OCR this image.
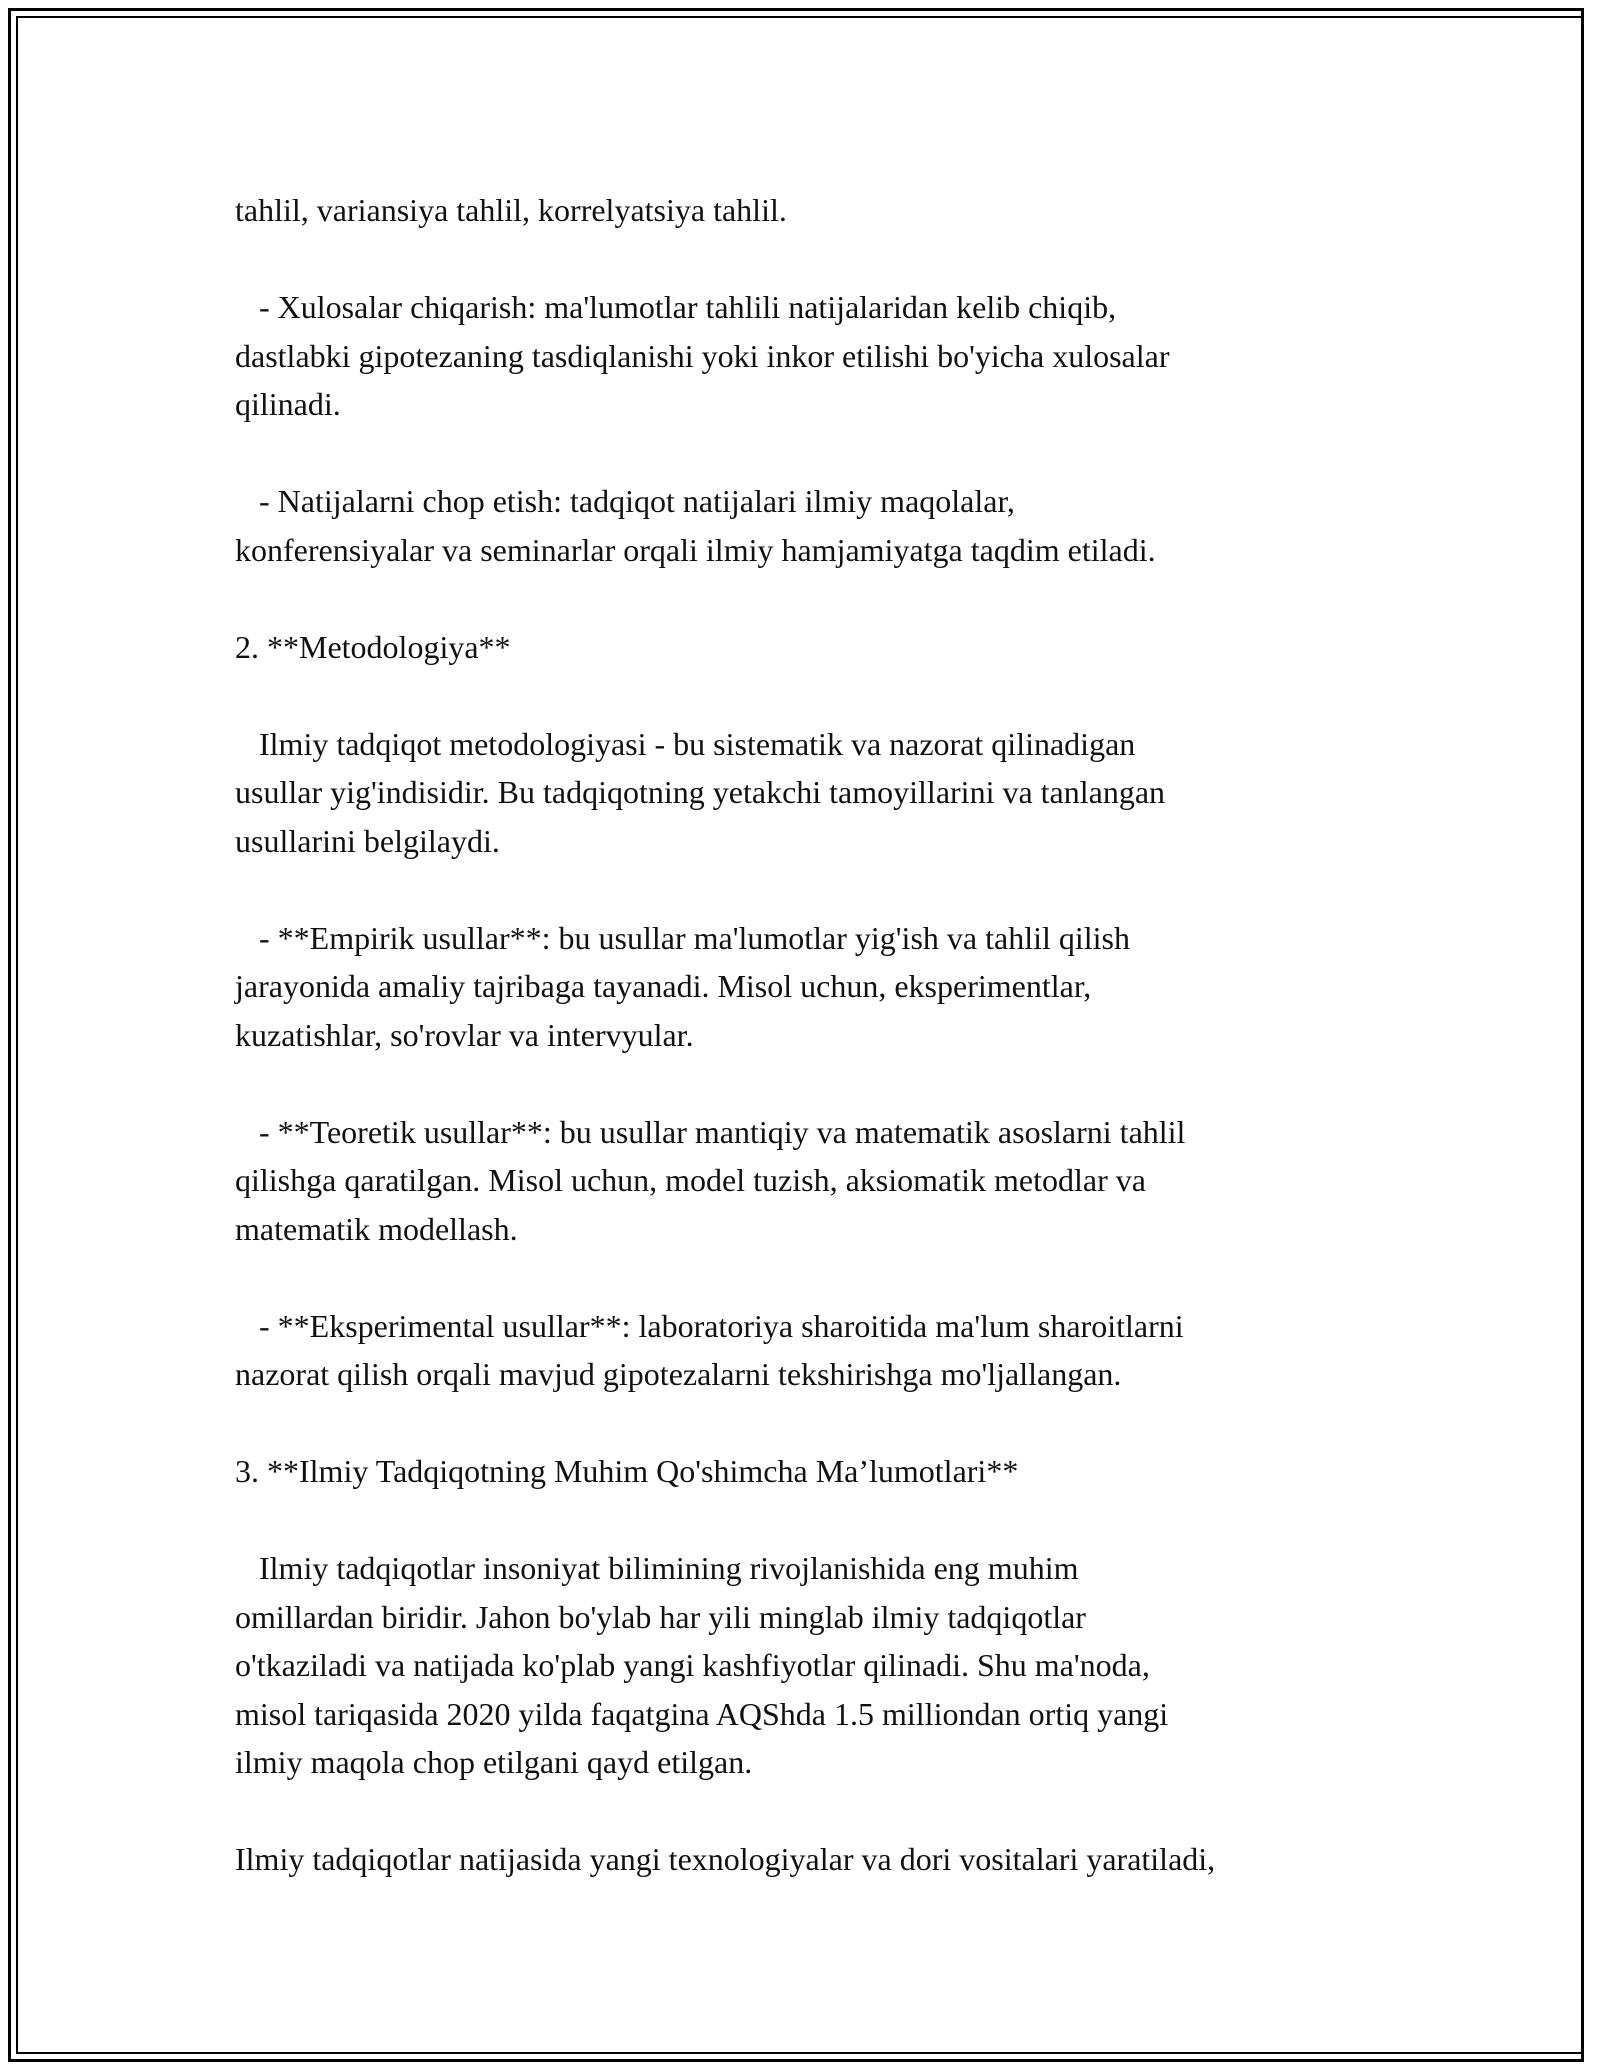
tahlil, variansiya tahlil, korrelyatsiya tahlil.

- Xulosalar chiqarish: ma'lumotlar tahlili natijalaridan kelib chiqib,
dastlabki gipotezaning tasdiqlanishi yoki inkor etilishi bo'yicha xulosalar
qilinadi.

- Natijalarni chop etish: tadqiqot natijalari ilmiy maqolalar,
konferensiyalar va seminarlar orqali ilmiy hamjamiyatga taqdim etiladi.

2. **Metodologiya**

Ilmiy tadqiqot metodologiyasi - bu sistematik va nazorat qilinadigan
usullar yig'indisidir. Bu tadqiqotning yetakchi tamoyillarini va tanlangan
usullarini belgilaydi.

- **Empirik usullar**: bu usullar ma'lumotlar yig'ish va tahlil qilish
jarayonida amaliy tajribaga tayanadi. Misol uchun, eksperimentlar,
kuzatishlar, so'rovlar va intervyular.

- **Teoretik usullar**: bu usullar mantiqiy va matematik asoslarni tahlil
qilishga qaratilgan. Misol uchun, model tuzish, aksiomatik metodlar va
matematik modellash.

- **Eksperimental usullar**: laboratoriya sharoitida ma'lum sharoitlarni
nazorat qilish orqali mavjud gipotezalarni tekshirishga mo'ljallangan.

3. **Ilmiy Tadqiqotning Muhim Qo'shimcha Ma’lumotlari**

Ilmiy tadqiqotlar insoniyat bilimining rivojlanishida eng muhim
omillardan biridir. Jahon bo'ylab har yili minglab ilmiy tadqiqotlar
o'tkaziladi va natijada ko'plab yangi kashfiyotlar qilinadi. Shu ma'noda,
misol tariqasida 2020 yilda faqatgina AQShda 1.5 milliondan ortiq yangi
ilmiy maqola chop etilgani qayd etilgan.

Ilmiy tadqiqotlar natijasida yangi texnologiyalar va dori vositalari yaratiladi,
